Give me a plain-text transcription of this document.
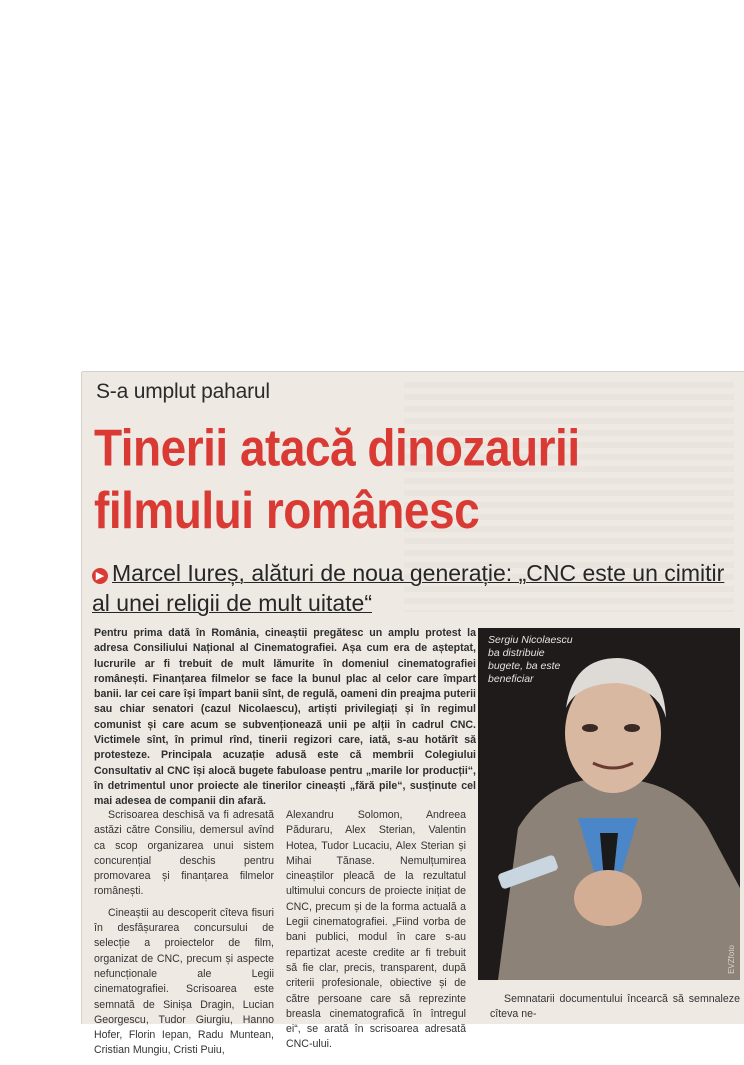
S-a umplut paharul
Tinerii atacă dinozaurii filmului românesc
▶ Marcel Iureș, alături de noua generație: „CNC este un cimitir al unei religii de mult uitate“
Pentru prima dată în România, cineaștii pregătesc un amplu protest la adresa Consiliului Național al Cinematografiei. Așa cum era de așteptat, lucrurile ar fi trebuit de mult lămurite în domeniul cinematografiei românești. Finanțarea filmelor se face la bunul plac al celor care împart banii. Iar cei care își împart banii sînt, de regulă, oameni din preajma puterii sau chiar senatori (cazul Nicolaescu), artiști privilegiați și în regimul comunist și care acum se subvenționează unii pe alții în cadrul CNC. Victimele sînt, în primul rînd, tinerii regizori care, iată, s-au hotărît să protesteze. Principala acuzație adusă este că membrii Colegiului Consultativ al CNC își alocă bugete fabuloase pentru „marile lor producții“, în detrimentul unor proiecte ale tinerilor cineaști „fără pile“, susținute cel mai adesea de companii din afară.

Scrisoarea deschisă va fi adresată astăzi către Consiliu, demersul avînd ca scop organizarea unui sistem concurențial deschis pentru promovarea și finanțarea filmelor românești.

Cineaștii au descoperit cîteva fisuri în desfășurarea concursului de selecție a proiectelor de film, organizat de CNC, precum și aspecte nefuncționale ale Legii cinematografiei. Scrisoarea este semnată de Sinișa Dragin, Lucian Georgescu, Tudor Giurgiu, Hanno Hofer, Florin Iepan, Radu Muntean, Cristian Mungiu, Cristi Puiu,

Alexandru Solomon, Andreea Păduraru, Alex Sterian, Valentin Hotea, Tudor Lucaciu, Alex Sterian și Mihai Tănase. Nemulțumirea cineaștilor pleacă de la rezultatul ultimului concurs de proiecte inițiat de CNC, precum și de la forma actuală a Legii cinematografiei. „Fiind vorba de bani publici, modul în care s-au repartizat aceste credite ar fi trebuit să fie clar, precis, transparent, după criterii profesionale, obiective și de către persoane care să reprezinte breasla cinematografică în întregul ei“, se arată în scrisoarea adresată CNC-ului.

Semnatarii documentului încearcă să semnaleze cîteva ne-

Sergiu Nicolaescu ba distribuie bugete, ba este beneficiar
EVZfoto
